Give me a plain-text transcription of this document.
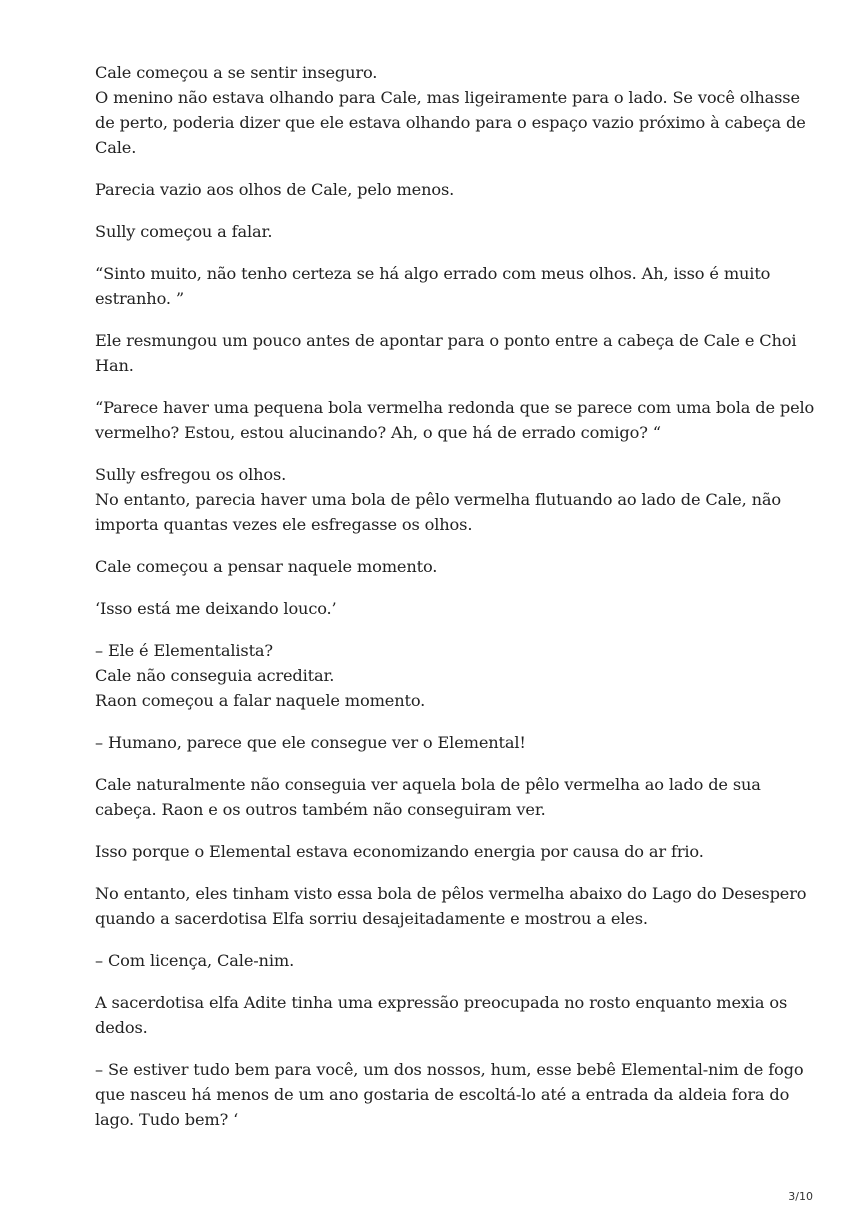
Cale começou a se sentir inseguro.
O menino não estava olhando para Cale, mas ligeiramente para o lado. Se você olhasse
de perto, poderia dizer que ele estava olhando para o espaço vazio próximo à cabeça de
Cale.

Parecia vazio aos olhos de Cale, pelo menos.

Sully começou a falar.

“Sinto muito, não tenho certeza se há algo errado com meus olhos. Ah, isso é muito
estranho. ”

Ele resmungou um pouco antes de apontar para o ponto entre a cabeça de Cale e Choi
Han.

“Parece haver uma pequena bola vermelha redonda que se parece com uma bola de pelo
vermelho? Estou, estou alucinando? Ah, o que há de errado comigo? “

Sully esfregou os olhos.
No entanto, parecia haver uma bola de pêlo vermelha flutuando ao lado de Cale, não
importa quantas vezes ele esfregasse os olhos.

Cale começou a pensar naquele momento.

‘Isso está me deixando louco.’

– Ele é Elementalista?
Cale não conseguia acreditar.
Raon começou a falar naquele momento.

– Humano, parece que ele consegue ver o Elemental!

Cale naturalmente não conseguia ver aquela bola de pêlo vermelha ao lado de sua
cabeça. Raon e os outros também não conseguiram ver.

Isso porque o Elemental estava economizando energia por causa do ar frio.

No entanto, eles tinham visto essa bola de pêlos vermelha abaixo do Lago do Desespero
quando a sacerdotisa Elfa sorriu desajeitadamente e mostrou a eles.

– Com licença, Cale-nim.

A sacerdotisa elfa Adite tinha uma expressão preocupada no rosto enquanto mexia os
dedos.

– Se estiver tudo bem para você, um dos nossos, hum, esse bebê Elemental-nim de fogo
que nasceu há menos de um ano gostaria de escoltá-lo até a entrada da aldeia fora do
lago. Tudo bem? ‘

3/10
